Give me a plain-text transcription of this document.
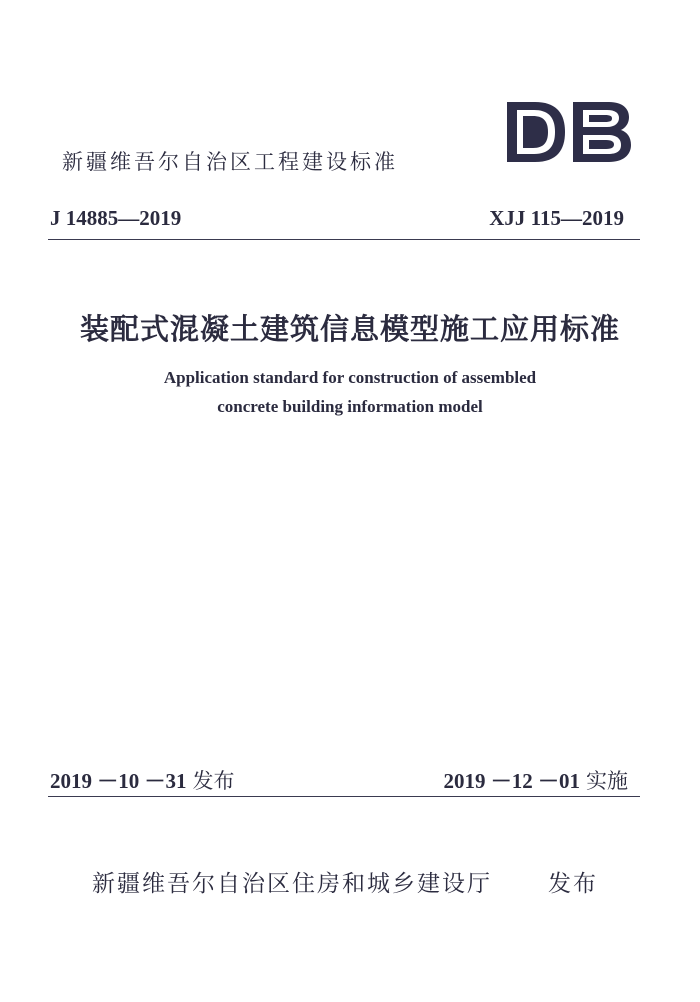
新疆维吾尔自治区工程建设标准
J 14885—2019	XJJ 115—2019
装配式混凝土建筑信息模型施工应用标准
Application standard for construction of assembled
concrete building information model
2019 －10 －31 发布	2019 －12 －01 实施
新疆维吾尔自治区住房和城乡建设厅 发布
